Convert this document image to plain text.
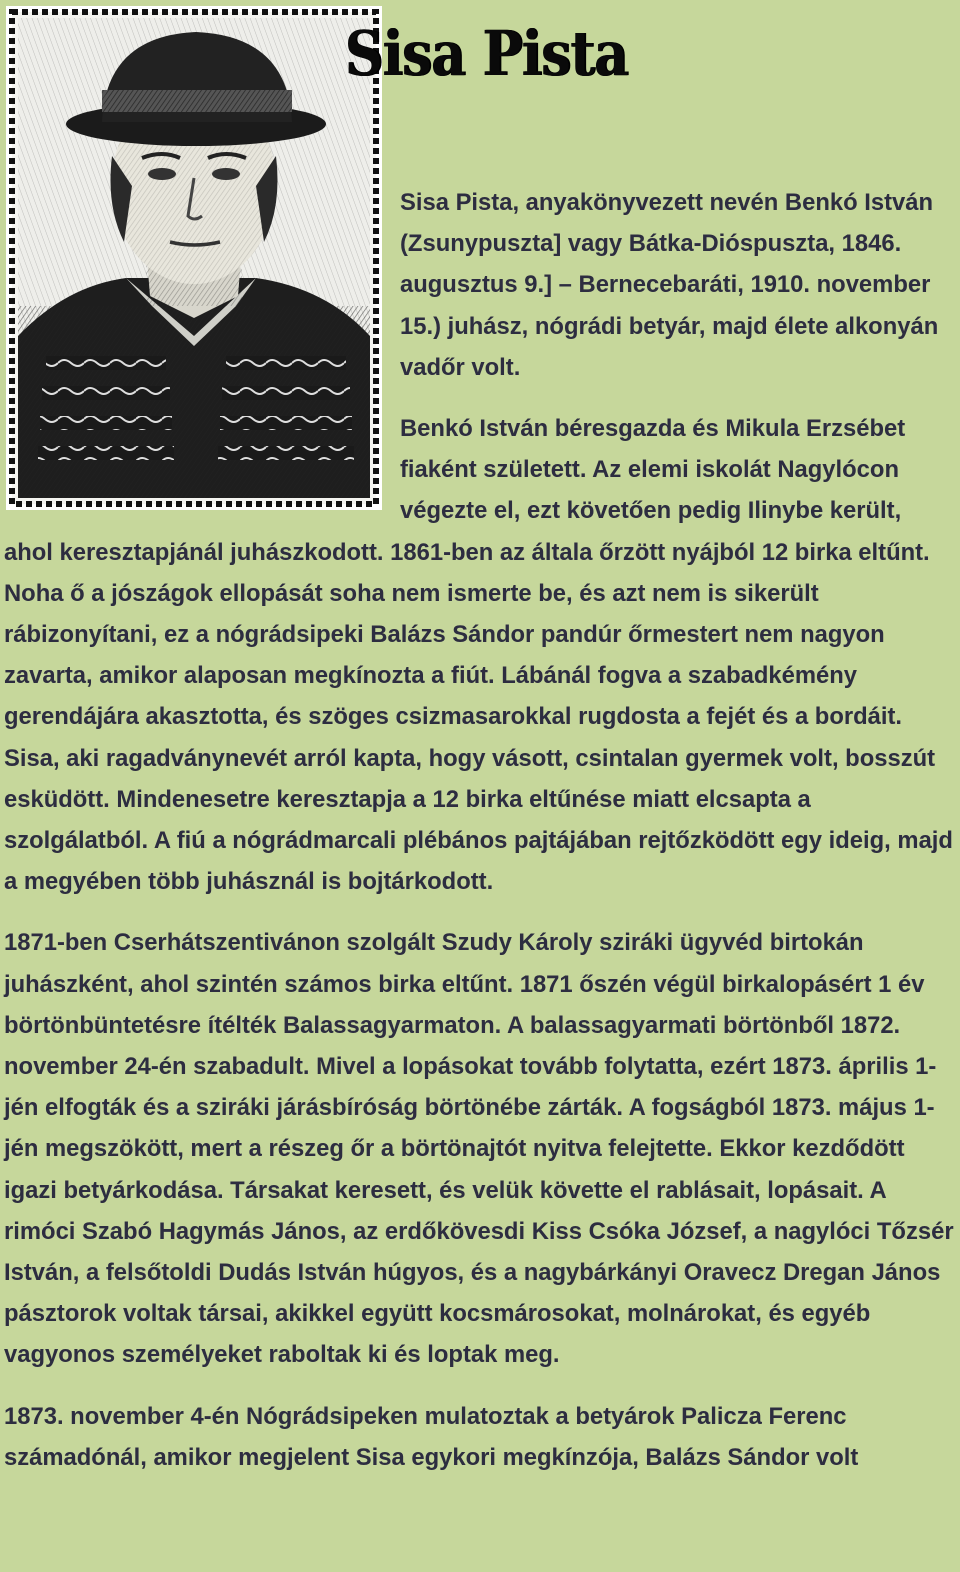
Sisa Pista

Sisa Pista, anyakönyvezett nevén Benkó István (Zsunypuszta] vagy Bátka-Dióspuszta, 1846. augusztus 9.] – Bernecebaráti, 1910. november 15.) juhász, nógrádi betyár, majd élete alkonyán vadőr volt.

Benkó István béresgazda és Mikula Erzsébet fiaként született. Az elemi iskolát Nagylócon végezte el, ezt követően pedig Ilinybe került, ahol keresztapjánál juhászkodott. 1861-ben az általa őrzött nyájból 12 birka eltűnt. Noha ő a jószágok ellopását soha nem ismerte be, és azt nem is sikerült rábizonyítani, ez a nógrádsipeki Balázs Sándor pandúr őrmestert nem nagyon zavarta, amikor alaposan megkínozta a fiút. Lábánál fogva a szabadkémény gerendájára akasztotta, és szöges csizmasarokkal rugdosta a fejét és a bordáit. Sisa, aki ragadványnevét arról kapta, hogy vásott, csintalan gyermek volt, bosszút esküdött. Mindenesetre keresztapja a 12 birka eltűnése miatt elcsapta a szolgálatból. A fiú a nógrádmarcali plébános pajtájában rejtőzködött egy ideig, majd a megyében több juhásznál is bojtárkodott.

1871-ben Cserhátszentivánon szolgált Szudy Károly sziráki ügyvéd birtokán juhászként, ahol szintén számos birka eltűnt. 1871 őszén végül birkalopásért 1 év börtönbüntetésre ítélték Balassagyarmaton. A balassagyarmati börtönből 1872. november 24-én szabadult. Mivel a lopásokat tovább folytatta, ezért 1873. április 1-jén elfogták és a sziráki járásbíróság börtönébe zárták. A fogságból 1873. május 1-jén megszökött, mert a részeg őr a börtönajtót nyitva felejtette. Ekkor kezdődött igazi betyárkodása. Társakat keresett, és velük követte el rablásait, lopásait. A rimóci Szabó Hagymás János, az erdőkövesdi Kiss Csóka József, a nagylóci Tőzsér István, a felsőtoldi Dudás István húgyos, és a nagybárkányi Oravecz Dregan János pásztorok voltak társai, akikkel együtt kocsmárosokat, molnárokat, és egyéb vagyonos személyeket raboltak ki és loptak meg.

1873. november 4-én Nógrádsipeken mulatoztak a betyárok Palicza Ferenc számadónál, amikor megjelent Sisa egykori megkínzója, Balázs Sándor volt
